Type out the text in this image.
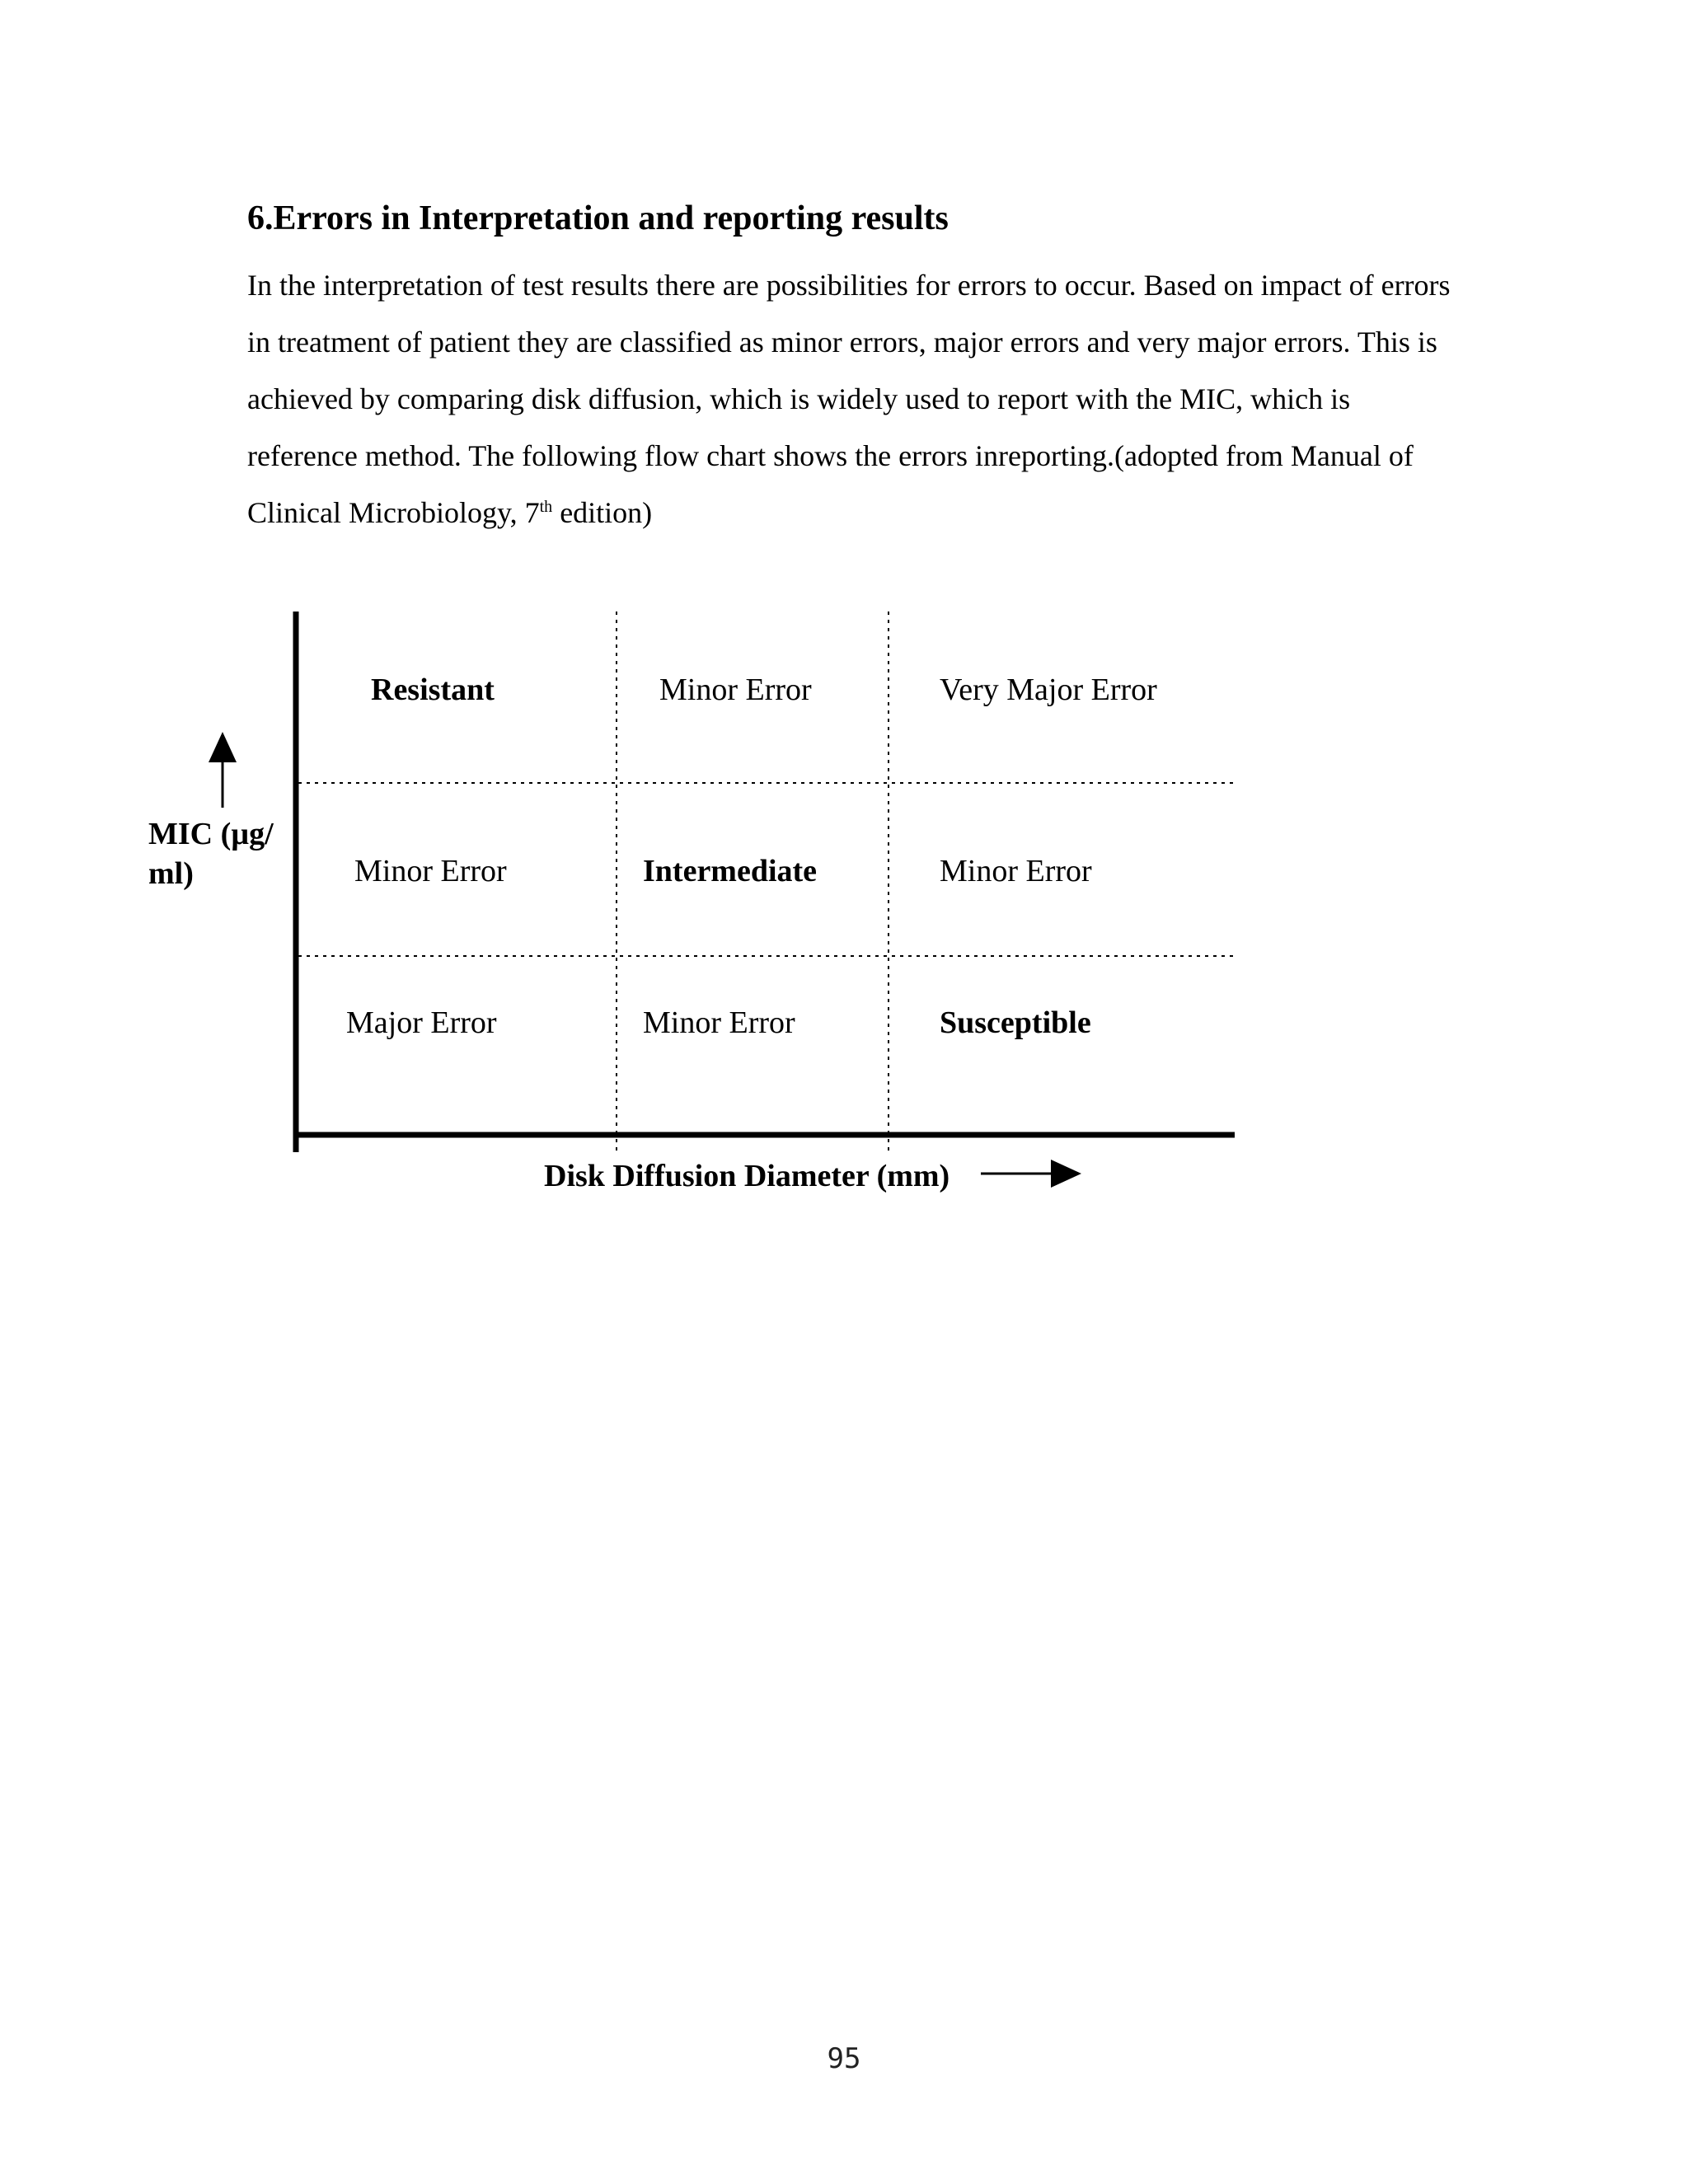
6.Errors in Interpretation and reporting results

In the interpretation of test results there are possibilities for errors to occur. Based on impact of errors in treatment of patient they are classified as minor errors, major errors and very major errors. This is achieved by comparing disk diffusion, which is widely used to report with the MIC, which is reference method. The following flow chart shows the errors inreporting.(adopted from Manual of Clinical Microbiology, 7th edition)

MIC (µg/ ml)
Resistant	Minor Error	Very Major Error
Minor Error	Intermediate	Minor Error
Major Error	Minor Error	Susceptible
Disk Diffusion Diameter (mm)
95
